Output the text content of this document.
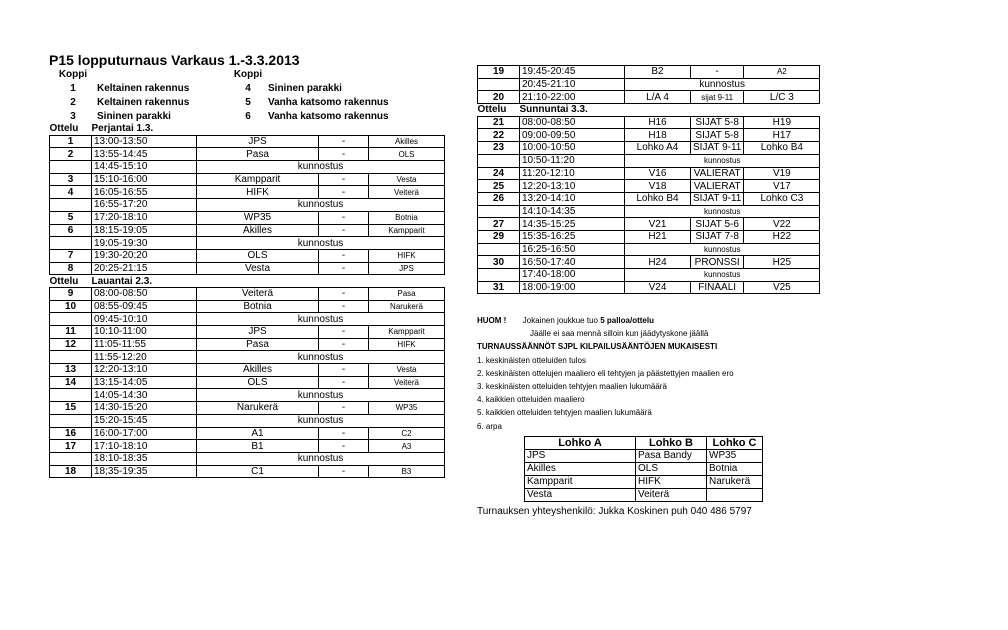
P15 lopputurnaus Varkaus 1.-3.3.2013
Koppi		Koppi	
1	Keltainen rakennus	4	Sininen parakki
2	Keltainen rakennus	5	Vanha katsomo rakennus
3	Sininen parakki	6	Vanha katsomo rakennus

Ottelu	Perjantai 1.3.			
1	13:00-13:50	JPS	-	Akilles
2	13:55-14:45	Pasa	-	OLS
	14:45-15:10	kunnostus		
3	15:10-16:00	Kampparit	-	Vesta
4	16:05-16:55	HIFK	-	Veiterä
	16:55-17:20	kunnostus		
5	17:20-18:10	WP35	-	Botnia
6	18:15-19:05	Akilles	-	Kampparit
	19:05-19:30	kunnostus		
7	19:30-20:20	OLS	-	HIFK
8	20:25-21:15	Vesta	-	JPS
Ottelu	Lauantai 2.3.			
9	08:00-08:50	Veiterä	-	Pasa
10	08:55-09:45	Botnia	-	Narukerä
	09:45-10:10	kunnostus		
11	10:10-11:00	JPS	-	Kampparit
12	11:05-11:55	Pasa	-	HIFK
	11:55-12:20	kunnostus		
13	12:20-13:10	Akilles	-	Vesta
14	13:15-14:05	OLS	-	Veiterä
	14:05-14:30	kunnostus		
15	14:30-15:20	Narukerä	-	WP35
	15:20-15:45	kunnostus		
16	16:00-17:00	A1	-	C2
17	17:10-18:10	B1	-	A3
	18:10-18:35	kunnostus		
18	18;35-19:35	C1	-	B3

19	19:45-20:45	B2	-	A2
	20:45-21:10	kunnostus		
20	21:10-22:00	L/A 4	sijat 9-11	L/C 3
Ottelu	Sunnuntai 3.3.			
21	08:00-08:50	H16	SIJAT 5-8	H19
22	09:00-09:50	H18	SIJAT 5-8	H17
23	10:00-10:50	Lohko A4	SIJAT 9-11	Lohko B4
	10:50-11:20	kunnostus		
24	11:20-12:10	V16	VALIERAT	V19
25	12:20-13:10	V18	VALIERAT	V17
26	13:20-14:10	Lohko B4	SIJAT 9-11	Lohko C3
	14:10-14:35	kunnostus		
27	14:35-15:25	V21	SIJAT 5-6	V22
29	15:35-16:25	H21	SIJAT 7-8	H22
	16:25-16:50	kunnostus		
30	16:50-17:40	H24	PRONSSI	H25
	17:40-18:00	kunnostus		
31	18:00-19:00	V24	FINAALI	V25
HUOM ! Jokainen joukkue tuo 5 palloa/ottelu
Jäälle ei saa mennä silloin kun jäädytyskone jäällä
TURNAUSSÄÄNNÖT SJPL KILPAILUSÄÄNTÖJEN MUKAISESTI
1. keskinäisten otteluiden tulos
2. keskinäisten ottelujen maaliero eli tehtyjen ja päästettyjen maalien ero
3. keskinäisten otteluiden tehtyjen maalien lukumäärä
4. kaikkien otteluiden maaliero
5. kaikkien otteluiden tehtyjen maalien lukumäärä
6. arpa
Lohko A	Lohko B	Lohko C
JPS	Pasa Bandy	WP35
Akilles	OLS	Botnia
Kampparit	HIFK	Narukerä
Vesta	Veiterä	
Turnauksen yhteyshenkilö: Jukka Koskinen puh 040 486 5797
